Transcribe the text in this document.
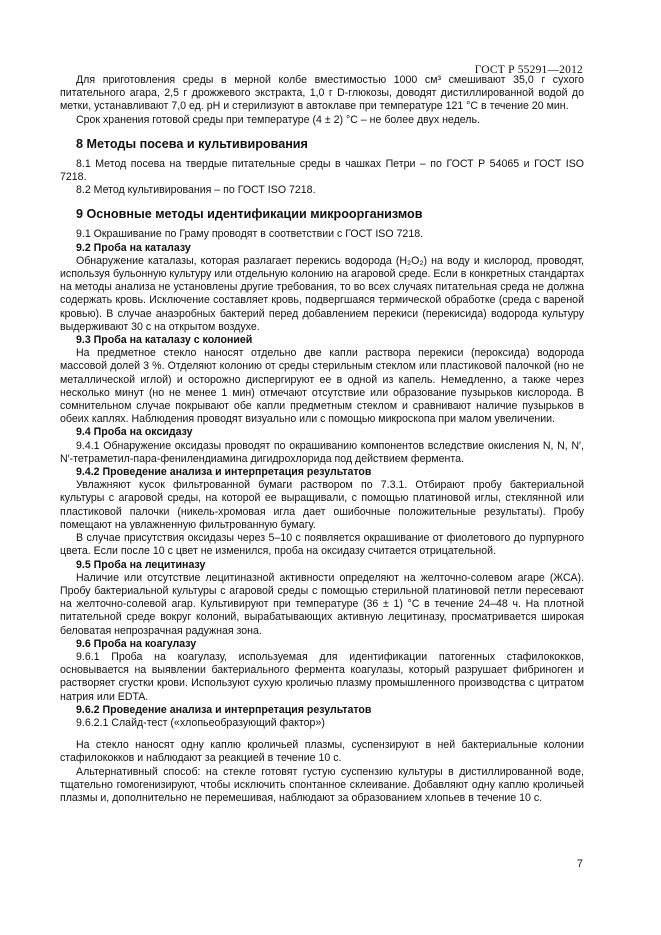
ГОСТ Р 55291—2012

Для приготовления среды в мерной колбе вместимостью 1000 см³ смешивают 35,0 г сухого питательного агара, 2,5 г дрожжевого экстракта, 1,0 г D-глюкозы, доводят дистиллированной водой до метки, устанавливают 7,0 ед. рН и стерилизуют в автоклаве при температуре 121 °С в течение 20 мин.

Срок хранения готовой среды при температуре (4 ± 2) °С – не более двух недель.

8 Методы посева и культивирования

8.1 Метод посева на твердые питательные среды в чашках Петри – по ГОСТ Р 54065 и ГОСТ ISO 7218.

8.2 Метод культивирования – по ГОСТ ISO 7218.

9 Основные методы идентификации микроорганизмов

9.1 Окрашивание по Граму проводят в соответствии с ГОСТ ISO 7218.

9.2 Проба на каталазу

Обнаружение каталазы, которая разлагает перекись водорода (H₂O₂) на воду и кислород, проводят, используя бульонную культуру или отдельную колонию на агаровой среде. Если в конкретных стандартах на методы анализа не установлены другие требования, то во всех случаях питательная среда не должна содержать кровь. Исключение составляет кровь, подвергшаяся термической обработке (среда с вареной кровью). В случае анаэробных бактерий перед добавлением перекиси (перекисида) водорода культуру выдерживают 30 с на открытом воздухе.

9.3 Проба на каталазу с колонией

На предметное стекло наносят отдельно две капли раствора перекиси (пероксида) водорода массовой долей 3 %. Отделяют колонию от среды стерильным стеклом или пластиковой палочкой (но не металлической иглой) и осторожно диспергируют ее в одной из капель. Немедленно, а также через несколько минут (но не менее 1 мин) отмечают отсутствие или образование пузырьков кислорода. В сомнительном случае покрывают обе капли предметным стеклом и сравнивают наличие пузырьков в обеих каплях. Наблюдения проводят визуально или с помощью микроскопа при малом увеличении.

9.4 Проба на оксидазу

9.4.1 Обнаружение оксидазы проводят по окрашиванию компонентов вследствие окисления N, N, N′, N′-тетраметил-пара-фенилендиамина дигидрохлорида под действием фермента.

9.4.2 Проведение анализа и интерпретация результатов

Увлажняют кусок фильтрованной бумаги раствором по 7.3.1. Отбирают пробу бактериальной культуры с агаровой среды, на которой ее выращивали, с помощью платиновой иглы, стеклянной или пластиковой палочки (никель-хромовая игла дает ошибочные положительные результаты). Пробу помещают на увлажненную фильтрованную бумагу.

В случае присутствия оксидазы через 5–10 с появляется окрашивание от фиолетового до пурпурного цвета. Если после 10 с цвет не изменился, проба на оксидазу считается отрицательной.

9.5 Проба на лецитиназу

Наличие или отсутствие лецитиназной активности определяют на желточно-солевом агаре (ЖСА). Пробу бактериальной культуры с агаровой среды с помощью стерильной платиновой петли пересевают на желточно-солевой агар. Культивируют при температуре (36 ± 1) °С в течение 24–48 ч. На плотной питательной среде вокруг колоний, вырабатывающих активную лецитиназу, просматривается широкая беловатая непрозрачная радужная зона.

9.6 Проба на коагулазу

9.6.1 Проба на коагулазу, используемая для идентификации патогенных стафилококков, основывается на выявлении бактериального фермента коагулазы, который разрушает фибриноген и растворяет сгустки крови. Используют сухую кроличью плазму промышленного производства с цитратом натрия или EDTA.

9.6.2 Проведение анализа и интерпретация результатов

9.6.2.1 Слайд-тест («хлопьеобразующий фактор»)

На стекло наносят одну каплю кроличьей плазмы, суспензируют в ней бактериальные колонии стафилококков и наблюдают за реакцией в течение 10 с.

Альтернативный способ: на стекле готовят густую суспензию культуры в дистиллированной воде, тщательно гомогенизируют, чтобы исключить спонтанное склеивание. Добавляют одну каплю кроличьей плазмы и, дополнительно не перемешивая, наблюдают за образованием хлопьев в течение 10 с.

7
